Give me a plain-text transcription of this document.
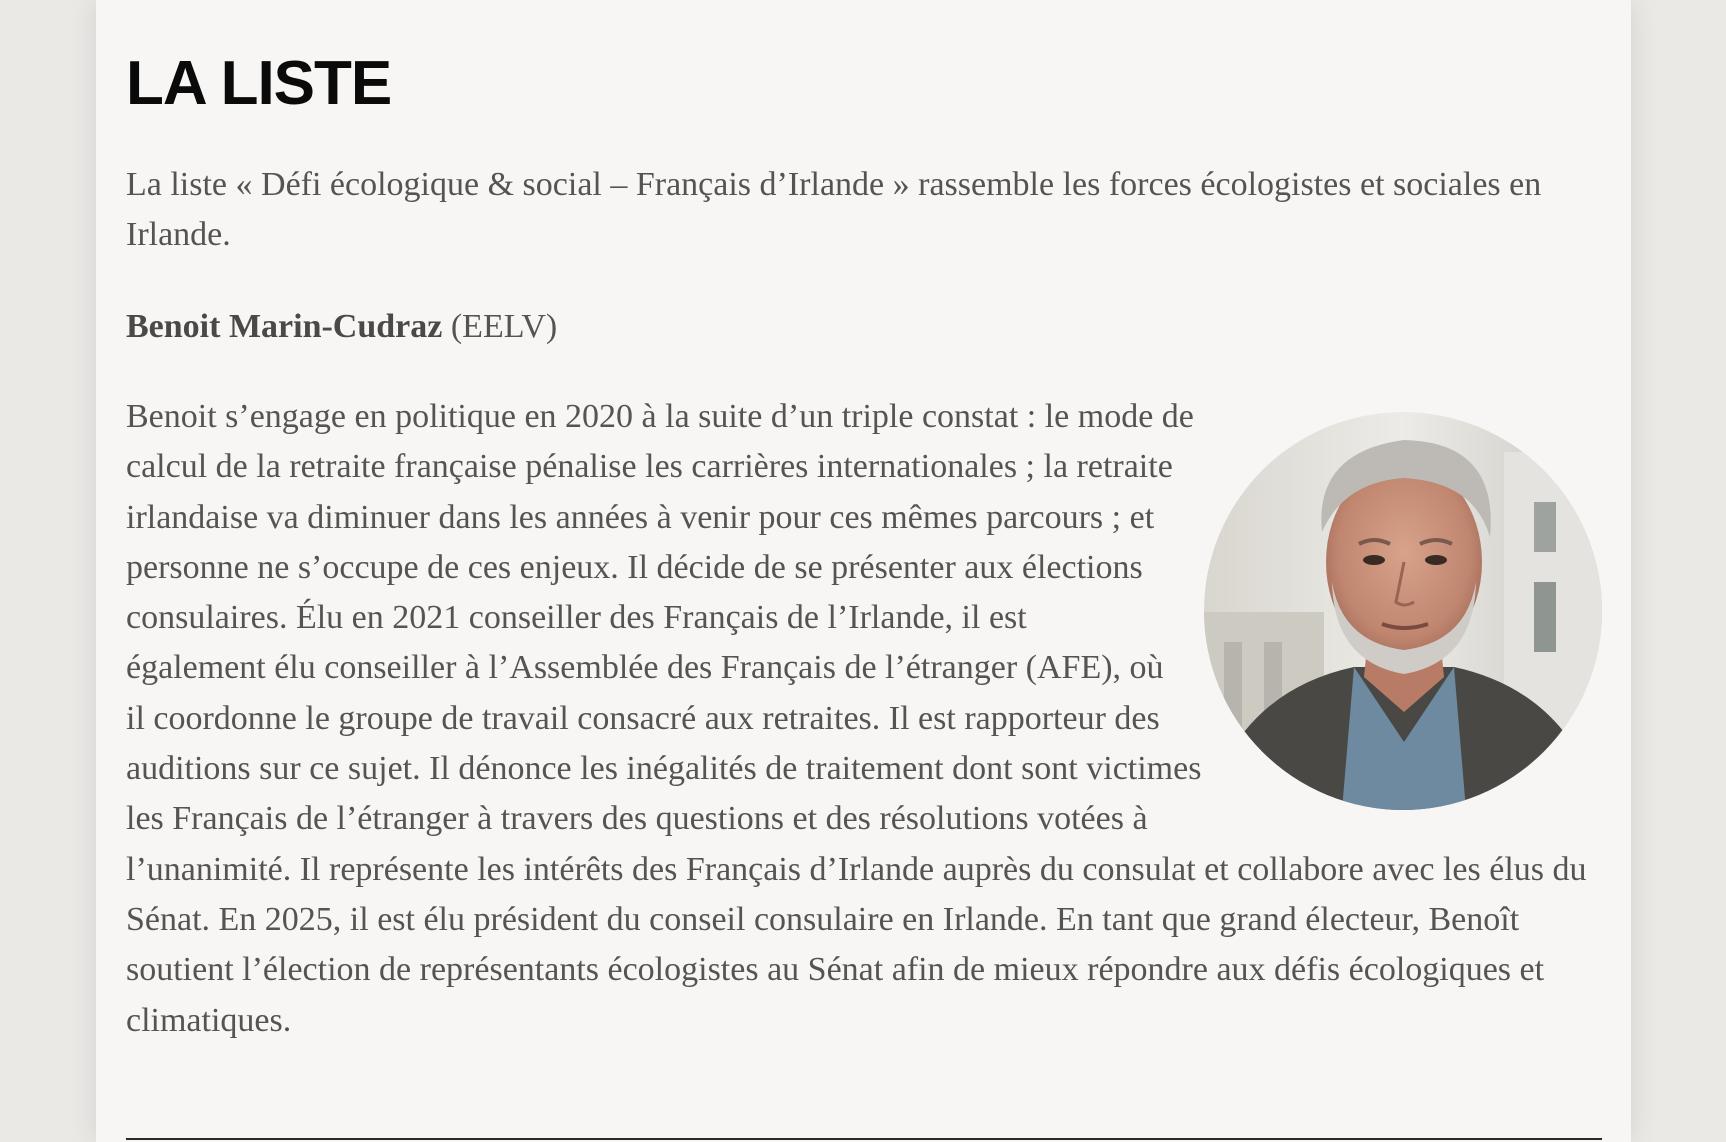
LA LISTE

La liste « Défi écologique & social – Français d’Irlande » rassemble les forces écologistes et sociales en Irlande.

Benoit Marin-Cudraz (EELV)

Benoit s’engage en politique en 2020 à la suite d’un triple constat : le mode de calcul de la retraite française pénalise les carrières internationales ; la retraite irlandaise va diminuer dans les années à venir pour ces mêmes parcours ; et personne ne s’occupe de ces enjeux. Il décide de se présenter aux élections consulaires. Élu en 2021 conseiller des Français de l’Irlande, il est également élu conseiller à l’Assemblée des Français de l’étranger (AFE), où il coordonne le groupe de travail consacré aux retraites. Il est rapporteur des auditions sur ce sujet. Il dénonce les inégalités de traitement dont sont victimes les Français de l’étranger à travers des questions et des résolutions votées à l’unanimité. Il représente les intérêts des Français d’Irlande auprès du consulat et collabore avec les élus du Sénat. En 2025, il est élu président du conseil consulaire en Irlande. En tant que grand électeur, Benoît soutient l’élection de représentants écologistes au Sénat afin de mieux répondre aux défis écologiques et climatiques.
